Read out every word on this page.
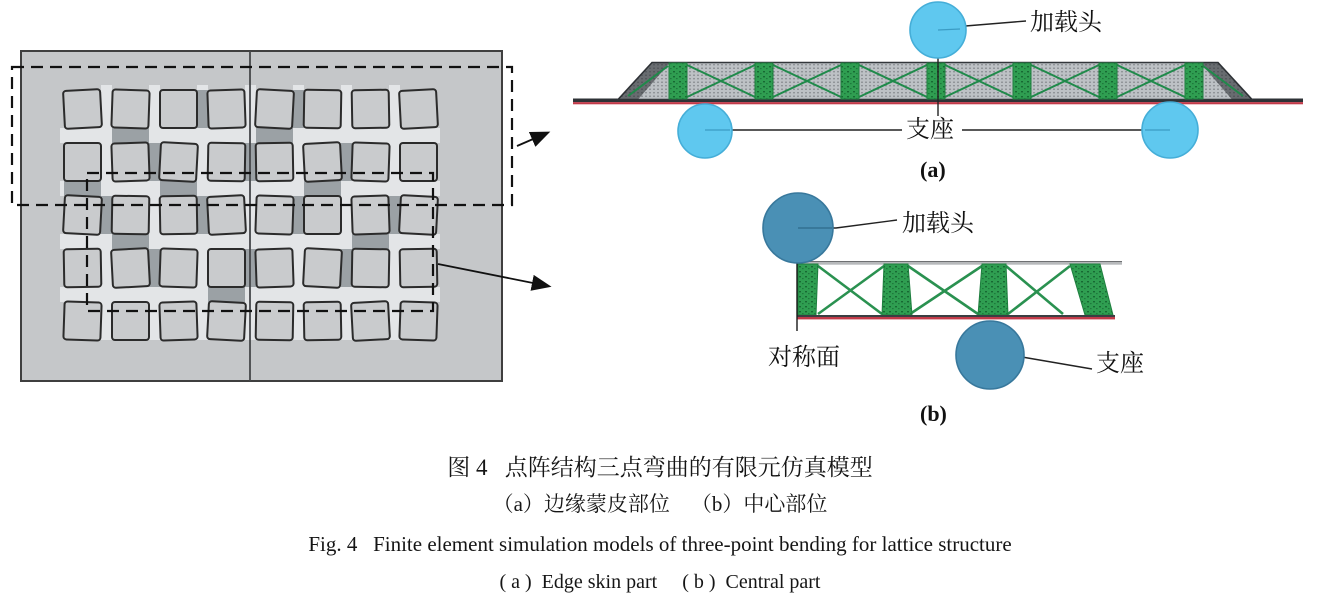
加载头
支座
(a)
加载头
对称面	支座
(b)
图 4   点阵结构三点弯曲的有限元仿真模型
（a）边缘蒙皮部位    （b）中心部位
Fig. 4   Finite element simulation models of three-point bending for lattice structure
( a )  Edge skin part     ( b )  Central part
